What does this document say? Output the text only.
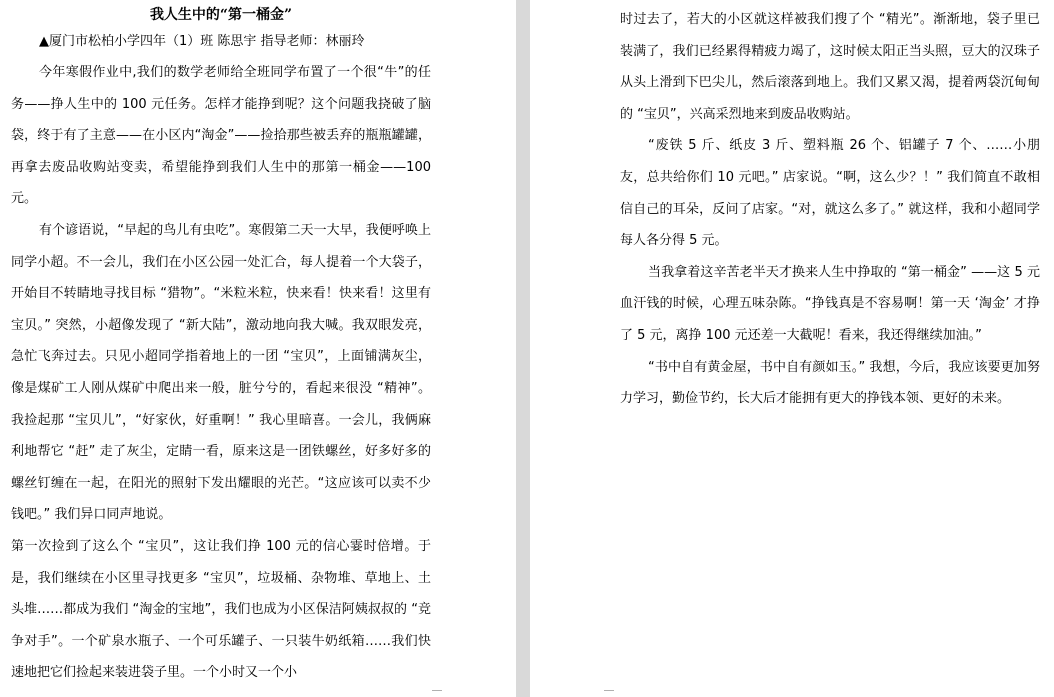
我人生中的“第一桶金”

▲厦门市松柏小学四年（1）班 陈思宇 指导老师：林丽玲

今年寒假作业中,我们的数学老师给全班同学布置了一个很“牛”的任务——挣人生中的 100 元任务。怎样才能挣到呢？这个问题我挠破了脑袋，终于有了主意——在小区内“淘金”——捡拾那些被丢弃的瓶瓶罐罐，再拿去废品收购站变卖，希望能挣到我们人生中的那第一桶金——100 元。

有个谚语说，“早起的鸟儿有虫吃”。寒假第二天一大早，我便呼唤上同学小超。不一会儿，我们在小区公园一处汇合，每人提着一个大袋子，开始目不转睛地寻找目标 “猎物”。“米粒米粒，快来看！快来看！这里有宝贝。” 突然，小超像发现了 “新大陆”，激动地向我大喊。我双眼发亮，急忙飞奔过去。只见小超同学指着地上的一团 “宝贝”，上面铺满灰尘，像是煤矿工人刚从煤矿中爬出来一般，脏兮兮的，看起来很没 “精神”。我捡起那 “宝贝儿”，“好家伙，好重啊！” 我心里暗喜。一会儿，我俩麻利地帮它 “赶” 走了灰尘，定睛一看，原来这是一团铁螺丝，好多好多的螺丝钉缠在一起，在阳光的照射下发出耀眼的光芒。“这应该可以卖不少钱吧。” 我们异口同声地说。

第一次捡到了这么个 “宝贝”，这让我们挣 100 元的信心霎时倍增。于是，我们继续在小区里寻找更多 “宝贝”，垃圾桶、杂物堆、草地上、土头堆……都成为我们 “淘金的宝地”，我们也成为小区保洁阿姨叔叔的 “竞争对手”。一个矿泉水瓶子、一个可乐罐子、一只装牛奶纸箱……我们快速地把它们捡起来装进袋子里。一个小时又一个小

时过去了，若大的小区就这样被我们搜了个 “精光”。渐渐地，袋子里已装满了，我们已经累得精疲力竭了，这时候太阳正当头照，豆大的汉珠子从头上滑到下巴尖儿，然后滚落到地上。我们又累又渴，提着两袋沉甸甸的 “宝贝”，兴高采烈地来到废品收购站。

“废铁 5 斤、纸皮 3 斤、塑料瓶 26 个、铝罐子 7 个、……小朋友，总共给你们 10 元吧。” 店家说。“啊，这么少？！” 我们简直不敢相信自己的耳朵，反问了店家。“对，就这么多了。” 就这样，我和小超同学每人各分得 5 元。

当我拿着这辛苦老半天才换来人生中挣取的 “第一桶金” ——这 5 元血汗钱的时候，心理五味杂陈。“挣钱真是不容易啊！第一天 ‘淘金’ 才挣了 5 元，离挣 100 元还差一大截呢！看来，我还得继续加油。”

“书中自有黄金屋，书中自有颜如玉。” 我想，今后，我应该要更加努力学习，勤俭节约，长大后才能拥有更大的挣钱本领、更好的未来。
